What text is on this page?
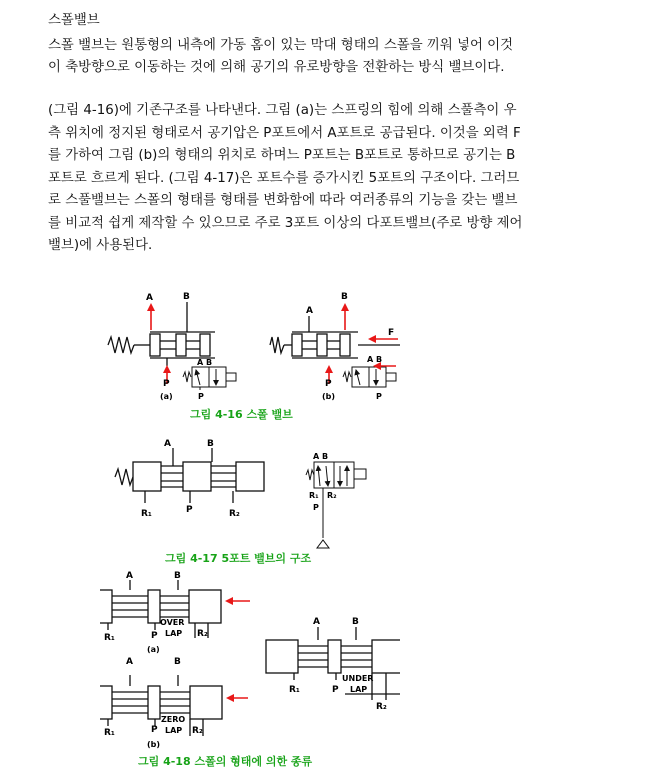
스폴밸브
스폴 밸브는 원통형의 내측에 가동 홈이 있는 막대 형태의 스폴을 끼워 넣어 이것
이 축방향으로 이동하는 것에 의해 공기의 유로방향을 전환하는 방식 밸브이다.
(그림 4-16)에 기존구조를 나타낸다. 그림 (a)는 스프링의 힘에 의해 스풀측이 우
측 위치에 정지된 형태로서 공기압은 P포트에서 A포트로 공급된다. 이것을 외력 F
를 가하여 그림 (b)의 형태의 위치로 하며느 P포트는 B포트로 통하므로 공기는 B
포트로 흐르게 된다. (그림 4-17)은 포트수를 증가시킨 5포트의 구조이다. 그러므
로 스풀밸브는 스폴의 형태를 형태를 변화함에 따라 여러종류의 기능을 갖는 밸브
를 비교적 쉽게 제작할 수 있으므로 주로 3포트 이상의 다포트밸브(주로 방향 제어
밸브)에 사용된다.
A	B
P
(a)
A B
P
A
B
P
(b)
F
A B
P
그림 4-16 스폴 밸브
A	B
R₁	P	R₂
A B
R₁ R₂
P
그림 4-17 5포트 밸브의 구조
A	B
R₁	P	R₂
OVER
LAP
(a)
A	B
R₁	P	R₂
ZERO
LAP
(b)
A	B
R₁	P
R₂
UNDER
LAP
그림 4-18 스폴의 형태에 의한 종류
